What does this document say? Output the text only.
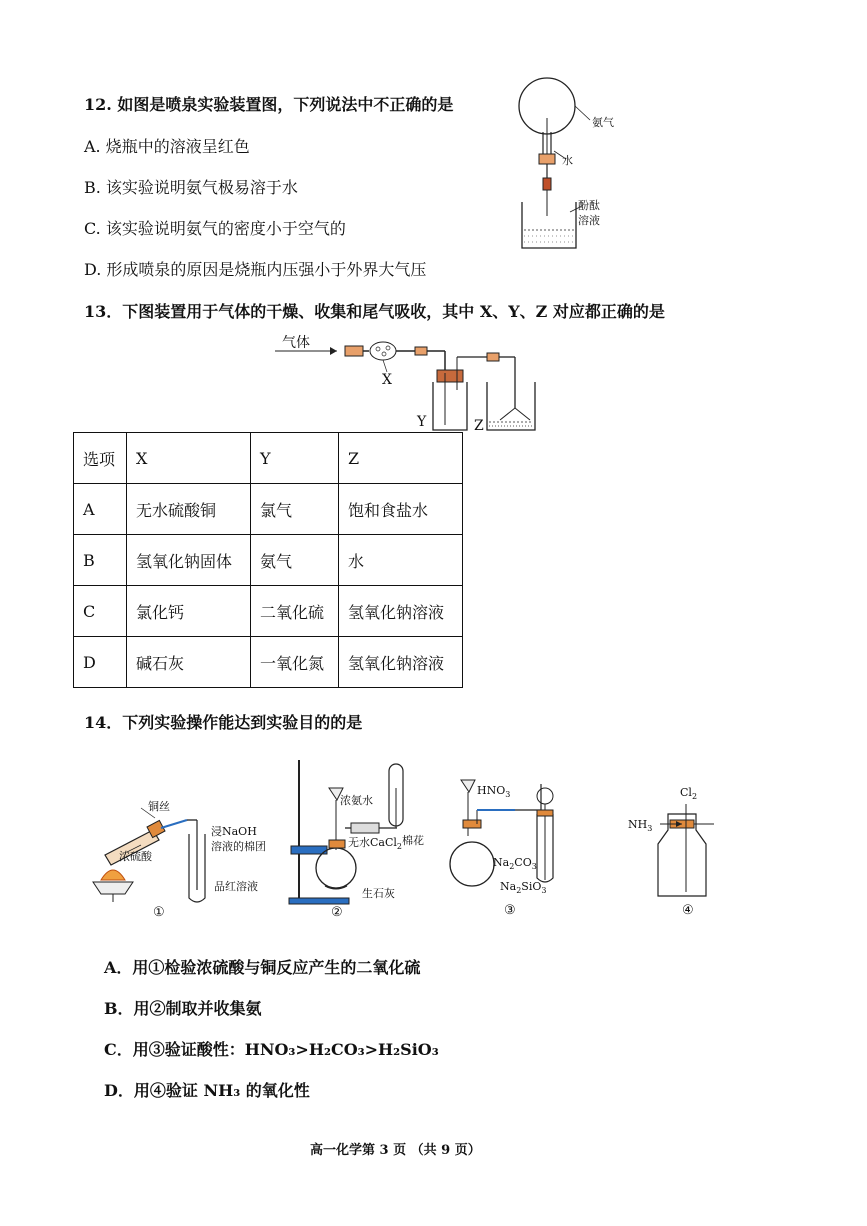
12. 如图是喷泉实验装置图，下列说法中不正确的是
A. 烧瓶中的溶液呈红色
B. 该实验说明氨气极易溶于水
C. 该实验说明氨气的密度小于空气的
D. 形成喷泉的原因是烧瓶内压强小于外界大气压
氨气
水
酚酞
溶液
13．下图装置用于气体的干燥、收集和尾气吸收，其中 X、Y、Z 对应都正确的是
气体
X
Y	Z
选项	X	Y	Z
A	无水硫酸铜	氯气	饱和食盐水
B	氢氧化钠固体	氨气	水
C	氯化钙	二氧化硫	氢氧化钠溶液
D	碱石灰	一氧化氮	氢氧化钠溶液
14．下列实验操作能达到实验目的的是
铜丝
浓硫酸
浸NaOH
溶液的棉团
品红溶液
①
浓氨水
棉花
无水CaCl$_2$
生石灰
②
$HNO_3$
$Na_2CO_3$
$Na_2SiO_3$
③
$Cl_2$
$NH_3$
④
A．用①检验浓硫酸与铜反应产生的二氧化硫
B．用②制取并收集氨
C．用③验证酸性：HNO₃>H₂CO₃>H₂SiO₃
D．用④验证 NH₃ 的氧化性
高一化学第 3 页 （共 9 页）
